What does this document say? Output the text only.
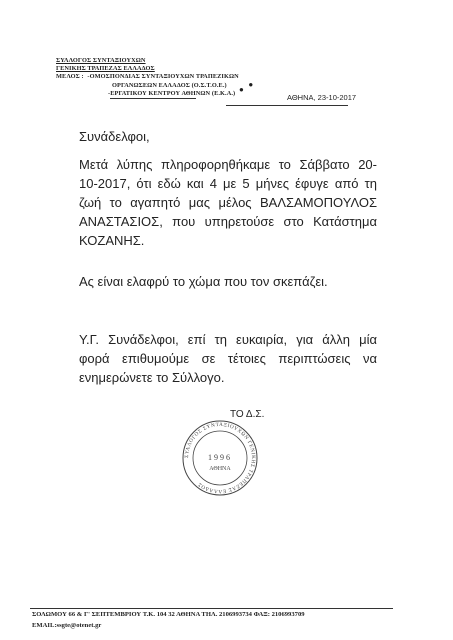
ΣΥΛΛΟΓΟΣ ΣΥΝΤΑΞΙΟΥΧΩΝ
ΓΕΝΙΚΗΣ ΤΡΑΠΕΖΑΣ ΕΛΛΑΔΟΣ
ΜΕΛΟΣ : -ΟΜΟΣΠΟΝΔΙΑΣ ΣΥΝΤΑΞΙΟΥΧΩΝ ΤΡΑΠΕΖΙΚΩΝ
ΟΡΓΑΝΩΣΕΩΝ ΕΛΛΑΔΟΣ (Ο.Σ.Τ.Ο.Ε.)	●
-ΕΡΓΑΤΙΚΟΥ ΚΕΝΤΡΟΥ ΑΘΗΝΩΝ (Ε.Κ.Α.) ●
ΑΘΗΝΑ, 23-10-2017
Συνάδελφοι,
Μετά λύπης πληροφορηθήκαμε το Σάββατο 20-
10-2017, ότι εδώ και 4 με 5 μήνες έφυγε από τη
ζωή το αγαπητό μας μέλος ΒΑΛΣΑΜΟΠΟΥΛΟΣ
ΑΝΑΣΤΑΣΙΟΣ, που υπηρετούσε στο Κατάστημα
ΚΟΖΑΝΗΣ.
Ας είναι ελαφρύ το χώμα που τον σκεπάζει.
Υ.Γ. Συνάδελφοι, επί τη ευκαιρία, για άλλη μία
φορά επιθυμούμε σε τέτοιες περιπτώσεις να
ενημερώνετε το Σύλλογο.
ΤΟ Δ.Σ.
ΣΥΛΛΟΓΟΣ ΣΥΝΤΑΞΙΟΥΧΩΝ ΓΕΝΙΚΗΣ ΤΡΑΠΕΖΑΣ ΕΛΛΑΔΟΣ
1996
ΑΘΗΝΑ
ΣΟΛΩΜΟΥ 66 & Γ' ΣΕΠΤΕΜΒΡΙΟΥ Τ.Κ. 104 32 ΑΘΗΝΑ ΤΗΛ. 2106993734 ΦΑΞ: 2106993709
EMAIL:ssgte@otenet.gr
